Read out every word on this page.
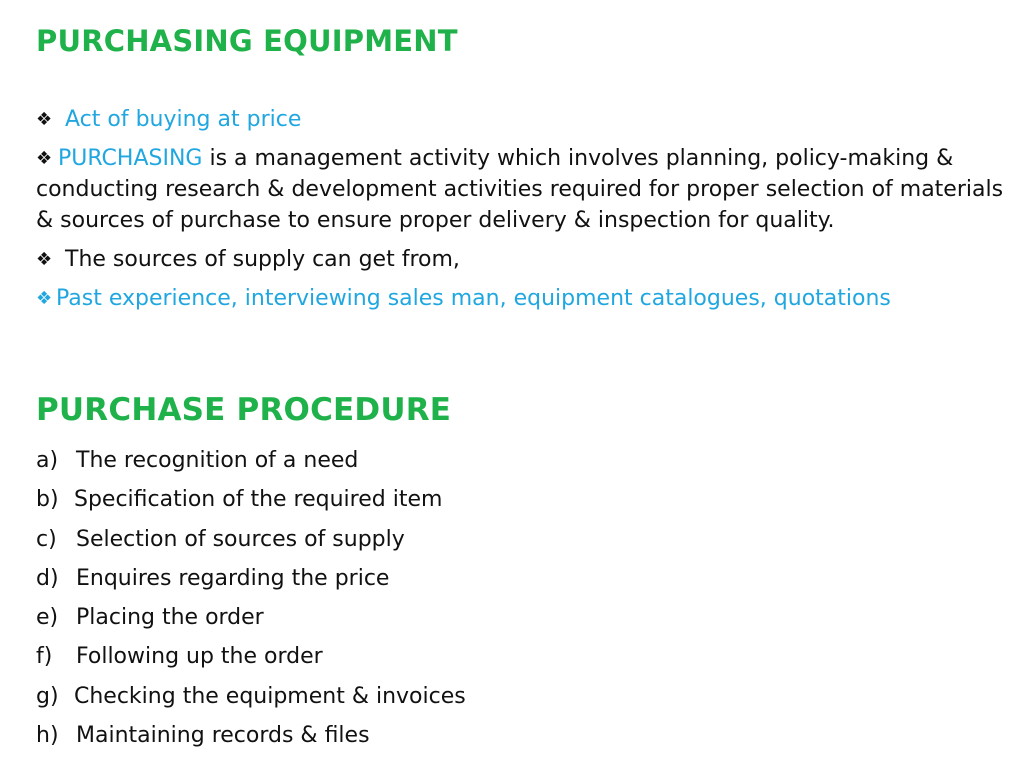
PURCHASING EQUIPMENT
❖ Act of buying at price
❖ PURCHASING is a management activity which involves planning, policy-making & conducting research & development activities required for proper selection of materials & sources of purchase to ensure proper delivery & inspection for quality.
❖ The sources of supply can get from,
❖ Past experience, interviewing sales man, equipment catalogues, quotations
PURCHASE PROCEDURE
a) The recognition of a need
b) Specification of the required item
c) Selection of sources of supply
d) Enquires regarding the price
e) Placing the order
f) Following up the order
g) Checking the equipment & invoices
h) Maintaining records & files
